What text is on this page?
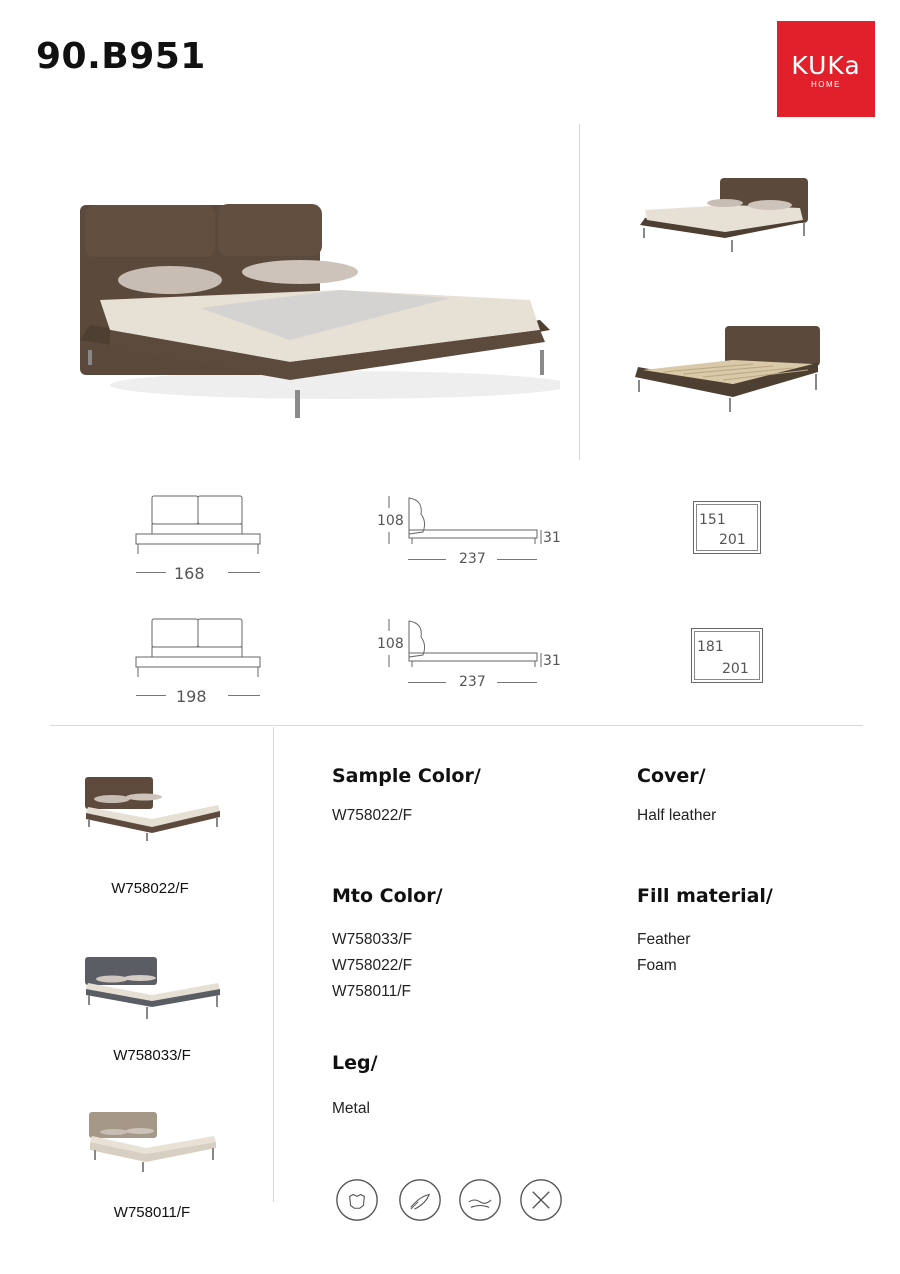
90.B951	KUKa
HOME
168
108
31
237
151
201
198
108
31
237
181
201
W758022/F
W758033/F
W758011/F
Sample Color/
W758022/F
Mto Color/
W758033/F
W758022/F
W758011/F
Leg/
Metal
Cover/
Half leather
Fill material/
Feather
Foam
